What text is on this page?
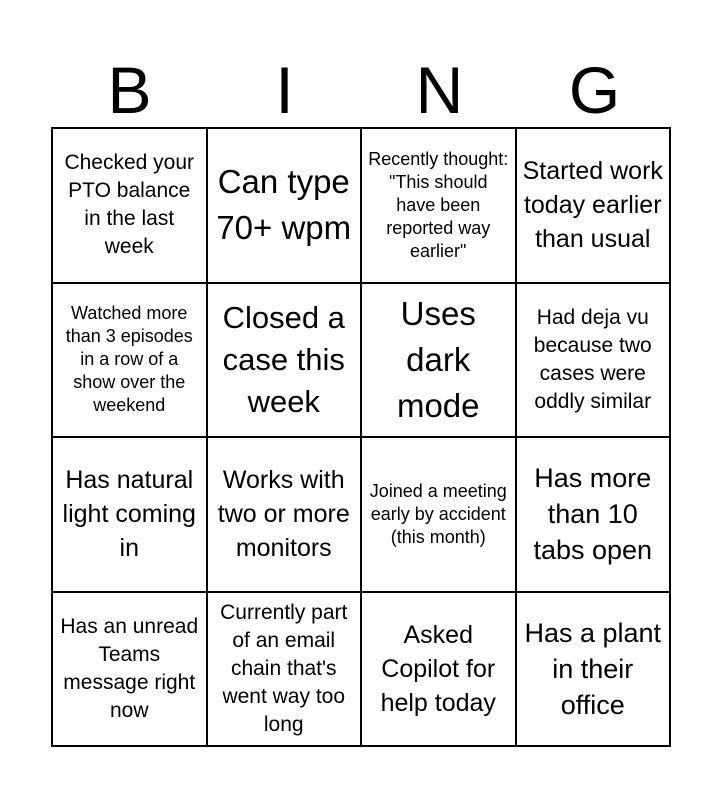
B	I	N	G
Checked your PTO balance in the last week
Can type 70+ wpm
Recently thought: "This should have been reported way earlier"
Started work today earlier than usual
Watched more than 3 episodes in a row of a show over the weekend
Closed a case this week
Uses dark mode
Had deja vu because two cases were oddly similar
Has natural light coming in
Works with two or more monitors
Joined a meeting early by accident (this month)
Has more than 10 tabs open
Has an unread Teams message right now
Currently part of an email chain that's went way too long
Asked Copilot for help today
Has a plant in their office
